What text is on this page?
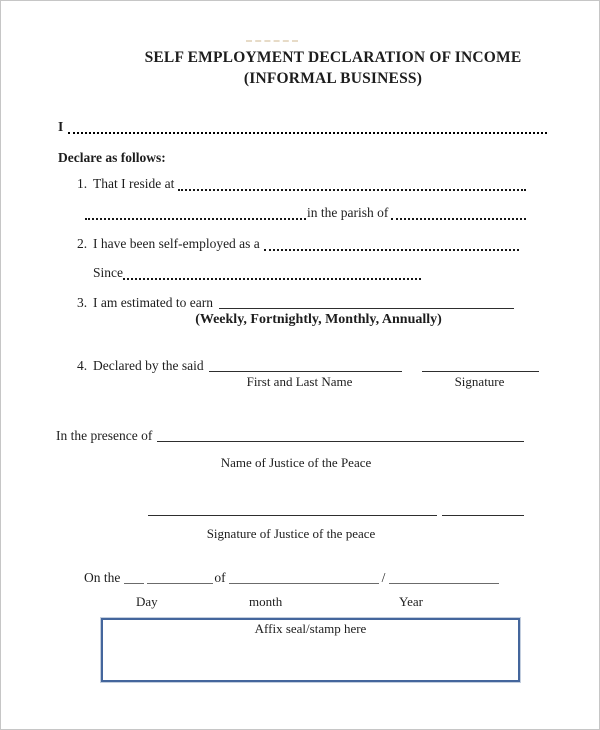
SELF EMPLOYMENT DECLARATION OF INCOME
(INFORMAL BUSINESS)
I
Declare as follows:
1. That I reside at
in the parish of
2. I have been self-employed as a
Since
3. I am estimated to earn
(Weekly, Fortnightly, Monthly, Annually)
4. Declared by the said
First and Last Name	Signature
In the presence of
Name of Justice of the Peace
Signature of Justice of the peace
On the	of	/
Day	month	Year
Affix seal/stamp here
